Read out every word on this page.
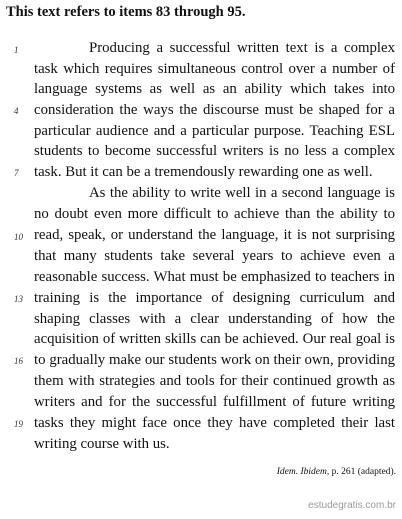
This text refers to items 83 through 95.
1
4
7
10
13
16
19
Producing a successful written text is a complex
task which requires simultaneous control over a number of
language systems as well as an ability which takes into
consideration the ways the discourse must be shaped for a
particular audience and a particular purpose. Teaching ESL
students to become successful writers is no less a complex
task. But it can be a tremendously rewarding one as well.
As the ability to write well in a second language is
no doubt even more difficult to achieve than the ability to
read, speak, or understand the language, it is not surprising
that many students take several years to achieve even a
reasonable success. What must be emphasized to teachers in
training is the importance of designing curriculum and
shaping classes with a clear understanding of how the
acquisition of written skills can be achieved. Our real goal is
to gradually make our students work on their own, providing
them with strategies and tools for their continued growth as
writers and for the successful fulfillment of future writing
tasks they might face once they have completed their last
writing course with us.
Idem. Ibidem, p. 261 (adapted).
estudegratis.com.br
